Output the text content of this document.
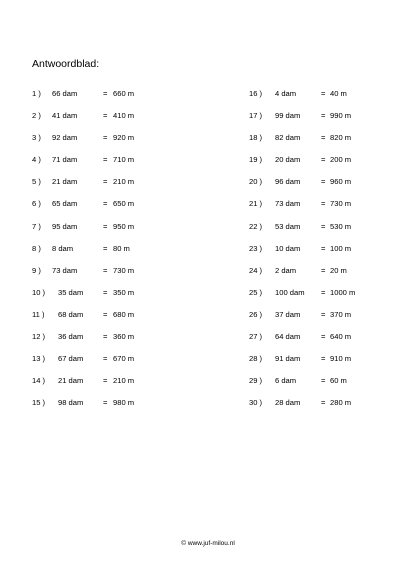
Antwoordblad:
1 ) 66 dam	= 660 m
2 ) 41 dam	= 410 m
3 ) 92 dam	= 920 m
4 ) 71 dam	= 710 m
5 ) 21 dam	= 210 m
6 ) 65 dam	= 650 m
7 ) 95 dam	= 950 m
8 ) 8 dam	= 80 m
9 ) 73 dam	= 730 m
10 ) 35 dam	= 350 m
11 ) 68 dam	= 680 m
12 ) 36 dam	= 360 m
13 ) 67 dam	= 670 m
14 ) 21 dam	= 210 m
15 ) 98 dam	= 980 m
16 ) 4 dam	= 40 m
17 ) 99 dam	= 990 m
18 ) 82 dam	= 820 m
19 ) 20 dam	= 200 m
20 ) 96 dam	= 960 m
21 ) 73 dam	= 730 m
22 ) 53 dam	= 530 m
23 ) 10 dam	= 100 m
24 ) 2 dam	= 20 m
25 ) 100 dam = 1000 m
26 ) 37 dam	= 370 m
27 ) 64 dam	= 640 m
28 ) 91 dam	= 910 m
29 ) 6 dam	= 60 m
30 ) 28 dam	= 280 m
© www.juf-milou.nl
